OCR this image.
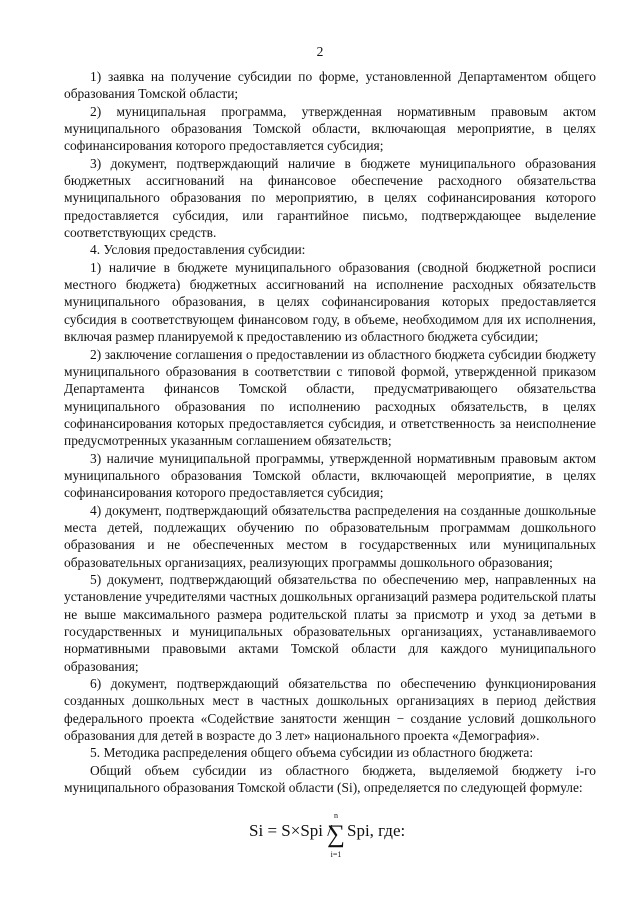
2

1) заявка на получение субсидии по форме, установленной Департаментом общего образования Томской области;

2) муниципальная программа, утвержденная нормативным правовым актом муниципального образования Томской области, включающая мероприятие, в целях софинансирования которого предоставляется субсидия;

3) документ, подтверждающий наличие в бюджете муниципального образования бюджетных ассигнований на финансовое обеспечение расходного обязательства муниципального образования по мероприятию, в целях софинансирования которого предоставляется субсидия, или гарантийное письмо, подтверждающее выделение соответствующих средств.

4. Условия предоставления субсидии:

1) наличие в бюджете муниципального образования (сводной бюджетной росписи местного бюджета) бюджетных ассигнований на исполнение расходных обязательств муниципального образования, в целях софинансирования которых предоставляется субсидия в соответствующем финансовом году, в объеме, необходимом для их исполнения, включая размер планируемой к предоставлению из областного бюджета субсидии;

2) заключение соглашения о предоставлении из областного бюджета субсидии бюджету муниципального образования в соответствии с типовой формой, утвержденной приказом Департамента финансов Томской области, предусматривающего обязательства муниципального образования по исполнению расходных обязательств, в целях софинансирования которых предоставляется субсидия, и ответственность за неисполнение предусмотренных указанным соглашением обязательств;

3) наличие муниципальной программы, утвержденной нормативным правовым актом муниципального образования Томской области, включающей мероприятие, в целях софинансирования которого предоставляется субсидия;

4) документ, подтверждающий обязательства распределения на созданные дошкольные места детей, подлежащих обучению по образовательным программам дошкольного образования и не обеспеченных местом в государственных или муниципальных образовательных организациях, реализующих программы дошкольного образования;

5) документ, подтверждающий обязательства по обеспечению мер, направленных на установление учредителями частных дошкольных организаций размера родительской платы не выше максимального размера родительской платы за присмотр и уход за детьми в государственных и муниципальных образовательных организациях, устанавливаемого нормативными правовыми актами Томской области для каждого муниципального образования;

6) документ, подтверждающий обязательства по обеспечению функционирования созданных дошкольных мест в частных дошкольных организациях в период действия федерального проекта «Содействие занятости женщин − создание условий дошкольного образования для детей в возрасте до 3 лет» национального проекта «Демография».

5. Методика распределения общего объема субсидии из областного бюджета:

Общий объем субсидии из областного бюджета, выделяемой бюджету i-го муниципального образования Томской области (Si), определяется по следующей формуле:

Si = S×Spi /
n
∑
i=1
Spi, где:
